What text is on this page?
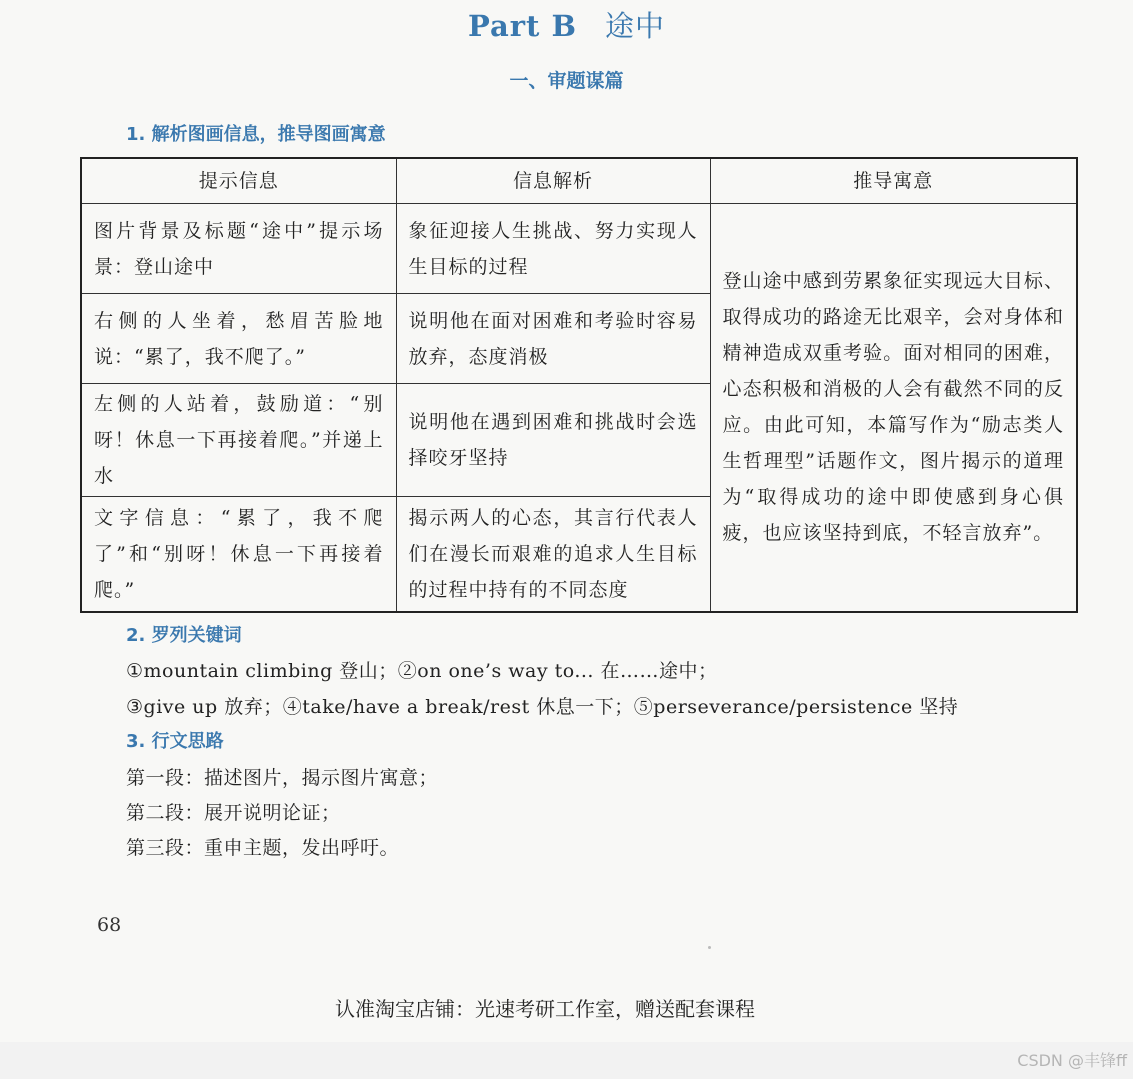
Part B 途中
一、审题谋篇
1. 解析图画信息，推导图画寓意
提示信息	信息解析	推导寓意
图片背景及标题“途中”提示场景：登山途中	象征迎接人生挑战、努力实现人生目标的过程	登山途中感到劳累象征实现远大目标、取得成功的路途无比艰辛，会对身体和精神造成双重考验。面对相同的困难，心态积极和消极的人会有截然不同的反应。由此可知，本篇写作为“励志类人生哲理型”话题作文，图片揭示的道理为“取得成功的途中即使感到身心俱疲，也应该坚持到底，不轻言放弃”。
右侧的人坐着，愁眉苦脸地说：“累了，我不爬了。”	说明他在面对困难和考验时容易放弃，态度消极	
左侧的人站着，鼓励道：“别呀！休息一下再接着爬。”并递上水	说明他在遇到困难和挑战时会选择咬牙坚持	
文字信息：“累了，我不爬了”和“别呀！休息一下再接着爬。”	揭示两人的心态，其言行代表人们在漫长而艰难的追求人生目标的过程中持有的不同态度	
2. 罗列关键词
①mountain climbing 登山；②on one’s way to... 在……途中；
③give up 放弃；④take/have a break/rest 休息一下；⑤perseverance/persistence 坚持
3. 行文思路
第一段：描述图片，揭示图片寓意；
第二段：展开说明论证；
第三段：重申主题，发出呼吁。
68
认准淘宝店铺：光速考研工作室，赠送配套课程
CSDN @丰锋ff
